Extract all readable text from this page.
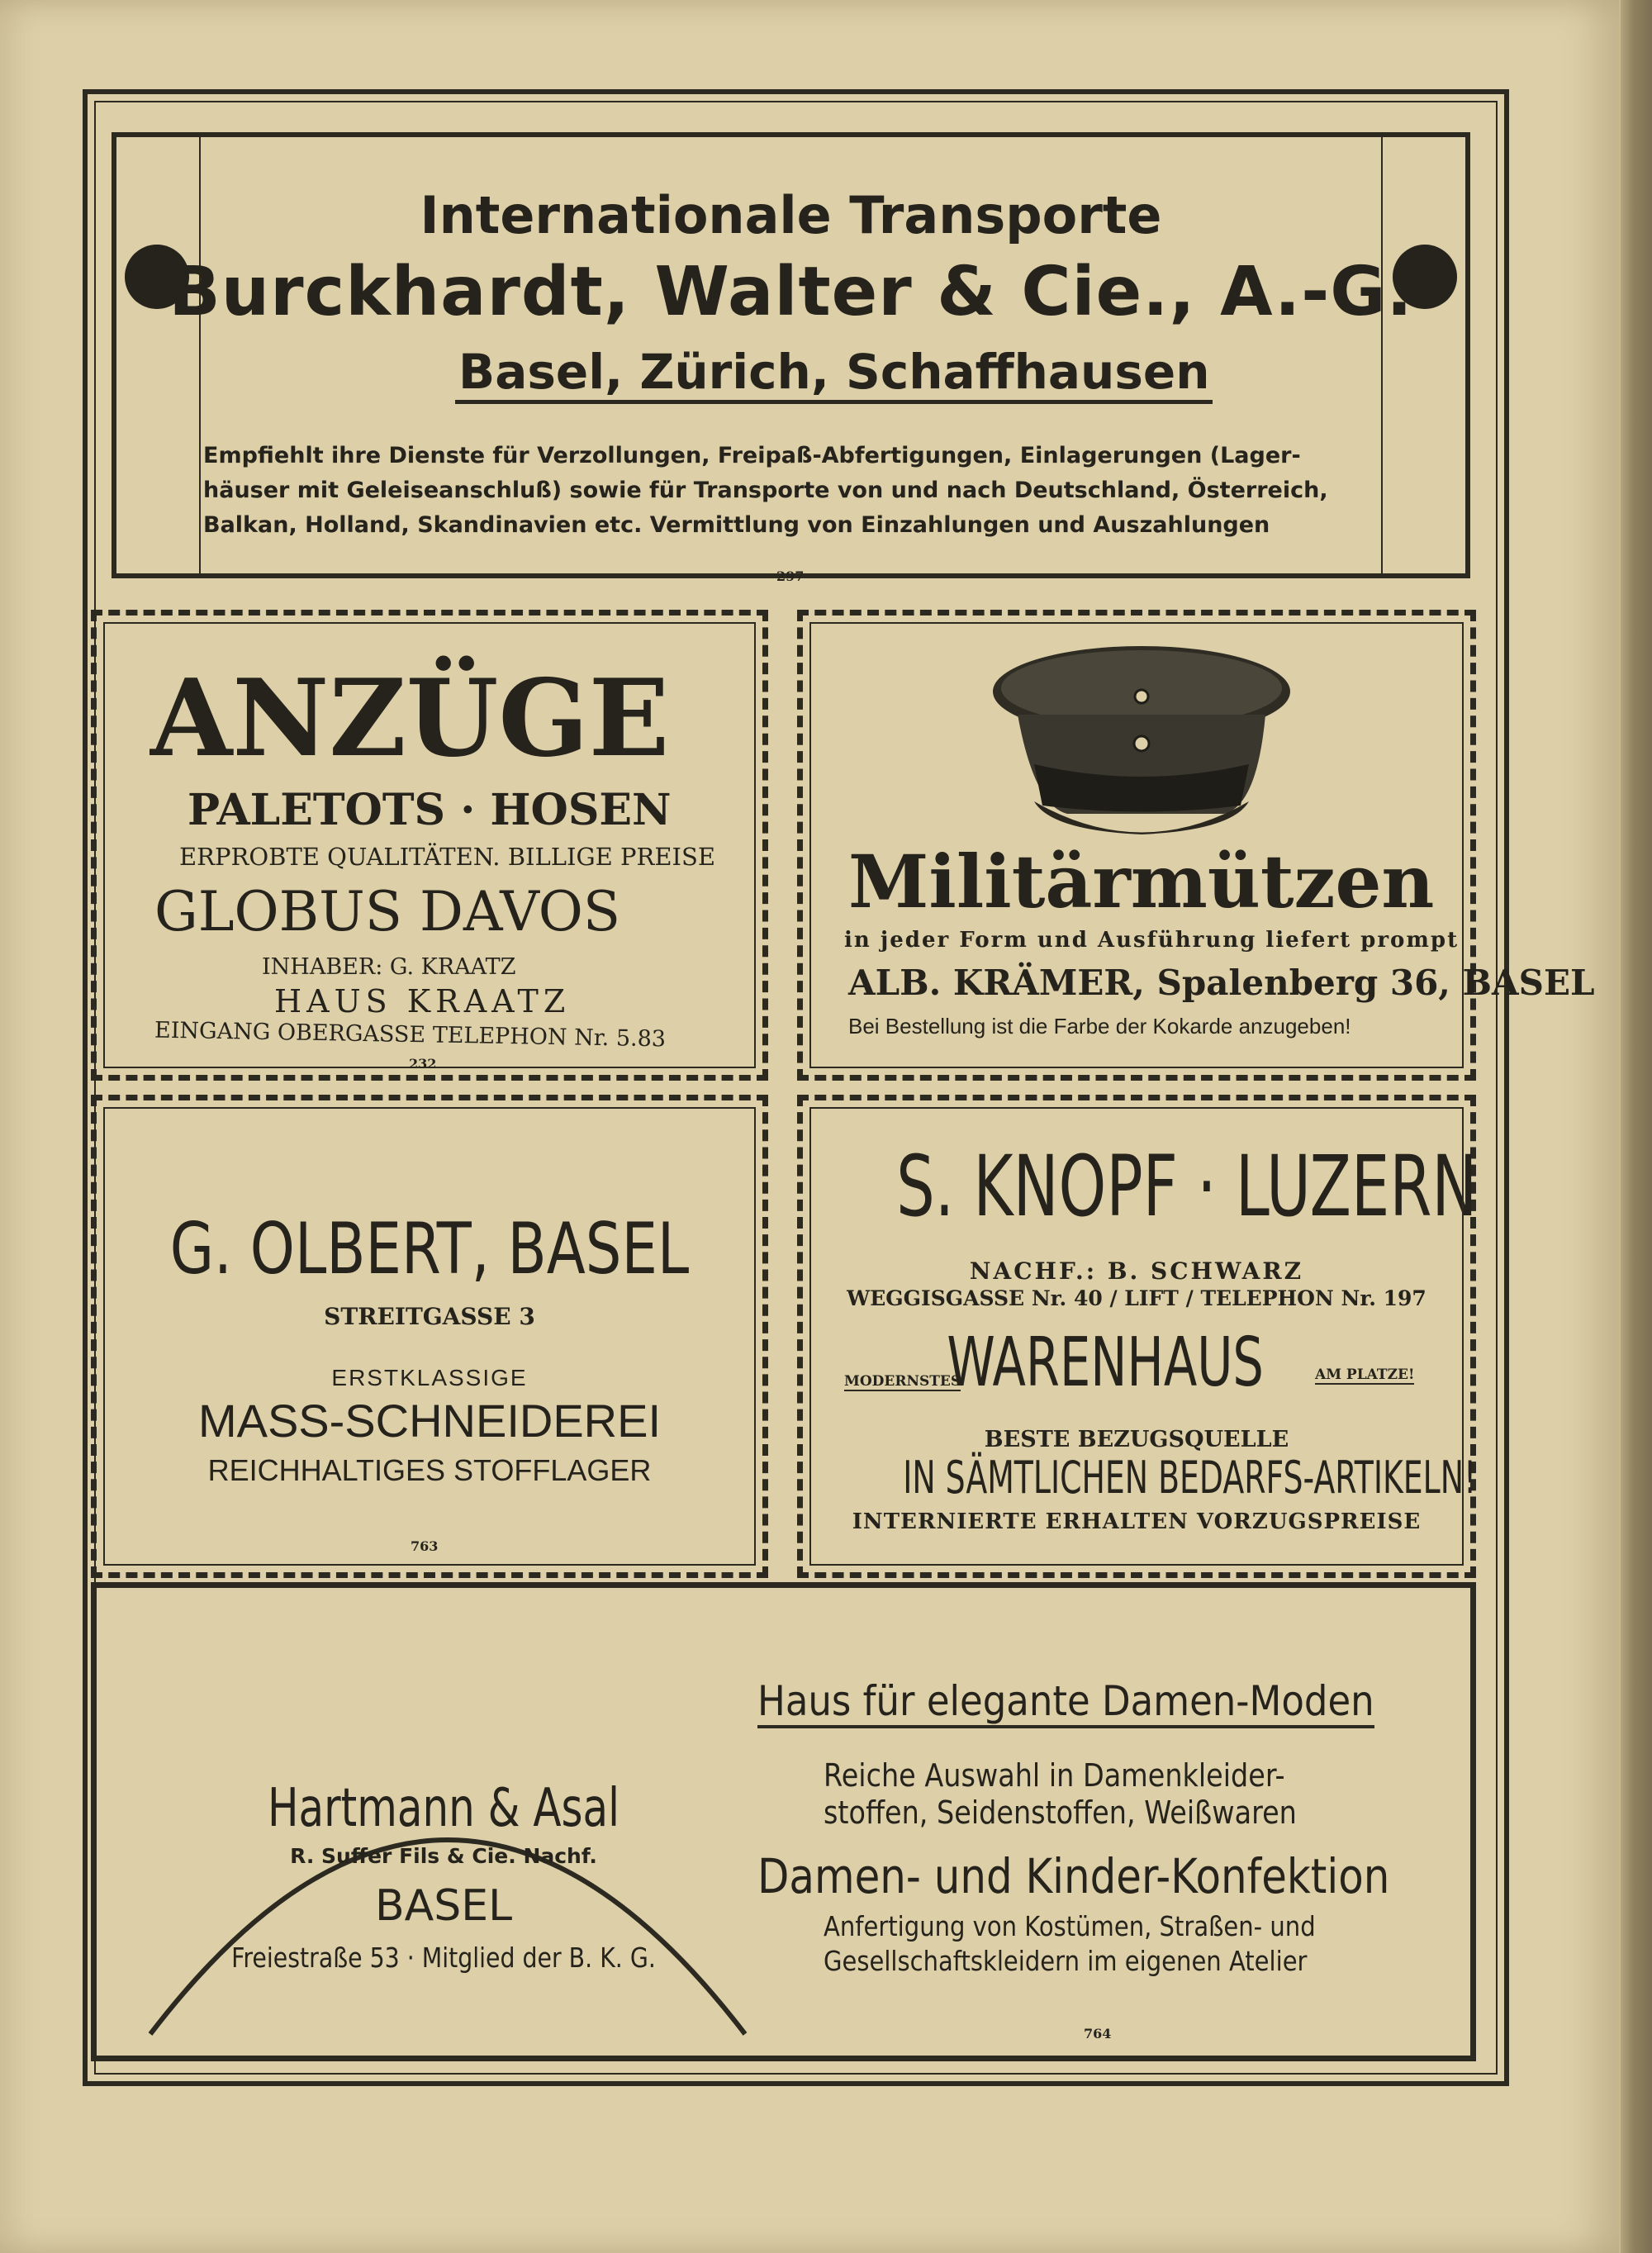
Internationale Transporte
Burckhardt, Walter & Cie., A.-G.
Basel, Zürich, Schaffhausen
Empfiehlt ihre Dienste für Verzollungen, Freipaß-Abfertigungen, Einlagerungen (Lager-
häuser mit Geleiseanschluß) sowie für Transporte von und nach Deutschland, Österreich,
Balkan, Holland, Skandinavien etc. Vermittlung von Einzahlungen und Auszahlungen
297
ANZÜGE
PALETOTS · HOSEN
ERPROBTE QUALITÄTEN. BILLIGE PREISE
GLOBUS DAVOS
INHABER: G. KRAATZ
HAUS KRAATZ
EINGANG OBERGASSE TELEPHON Nr. 5.83
232
Militärmützen
in jeder Form und Ausführung liefert prompt
ALB. KRÄMER, Spalenberg 36, BASEL
Bei Bestellung ist die Farbe der Kokarde anzugeben!
G. OLBERT, BASEL
STREITGASSE 3
ERSTKLASSIGE
MASS-SCHNEIDEREI
REICHHALTIGES STOFFLAGER
763
S. KNOPF · LUZERN
NACHF.: B. SCHWARZ
WEGGISGASSE Nr. 40 / LIFT / TELEPHON Nr. 197
MODERNSTES
WARENHAUS	AM PLATZE!
BESTE BEZUGSQUELLE
IN SÄMTLICHEN BEDARFS-ARTIKELN!
INTERNIERTE ERHALTEN VORZUGSPREISE
Hartmann & Asal
R. Suffer Fils & Cie. Nachf.
BASEL
Freiestraße 53 · Mitglied der B. K. G.
Haus für elegante Damen-Moden
Reiche Auswahl in Damenkleider-
stoffen, Seidenstoffen, Weißwaren
Damen- und Kinder-Konfektion
Anfertigung von Kostümen, Straßen- und
Gesellschaftskleidern im eigenen Atelier
764
